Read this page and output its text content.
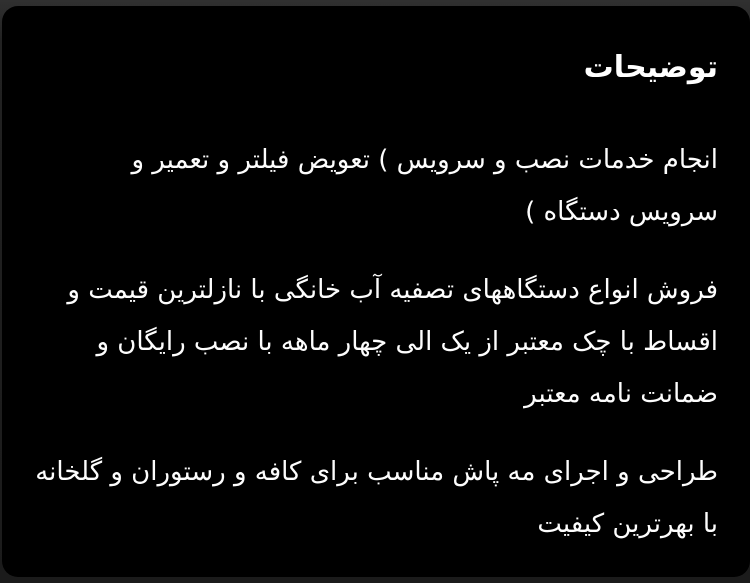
توضیحات
انجام خدمات نصب و سرویس ) تعویض فیلتر و تعمیر و
سرویس دستگاه )
فروش انواع دستگاههای تصفیه آب خانگی با نازلترین قیمت و
اقساط با چک معتبر از یک الی چهار ماهه با نصب رایگان و
ضمانت نامه معتبر
طراحی و اجرای مه پاش مناسب برای کافه و رستوران و گلخانه
با بهرترین کیفیت
